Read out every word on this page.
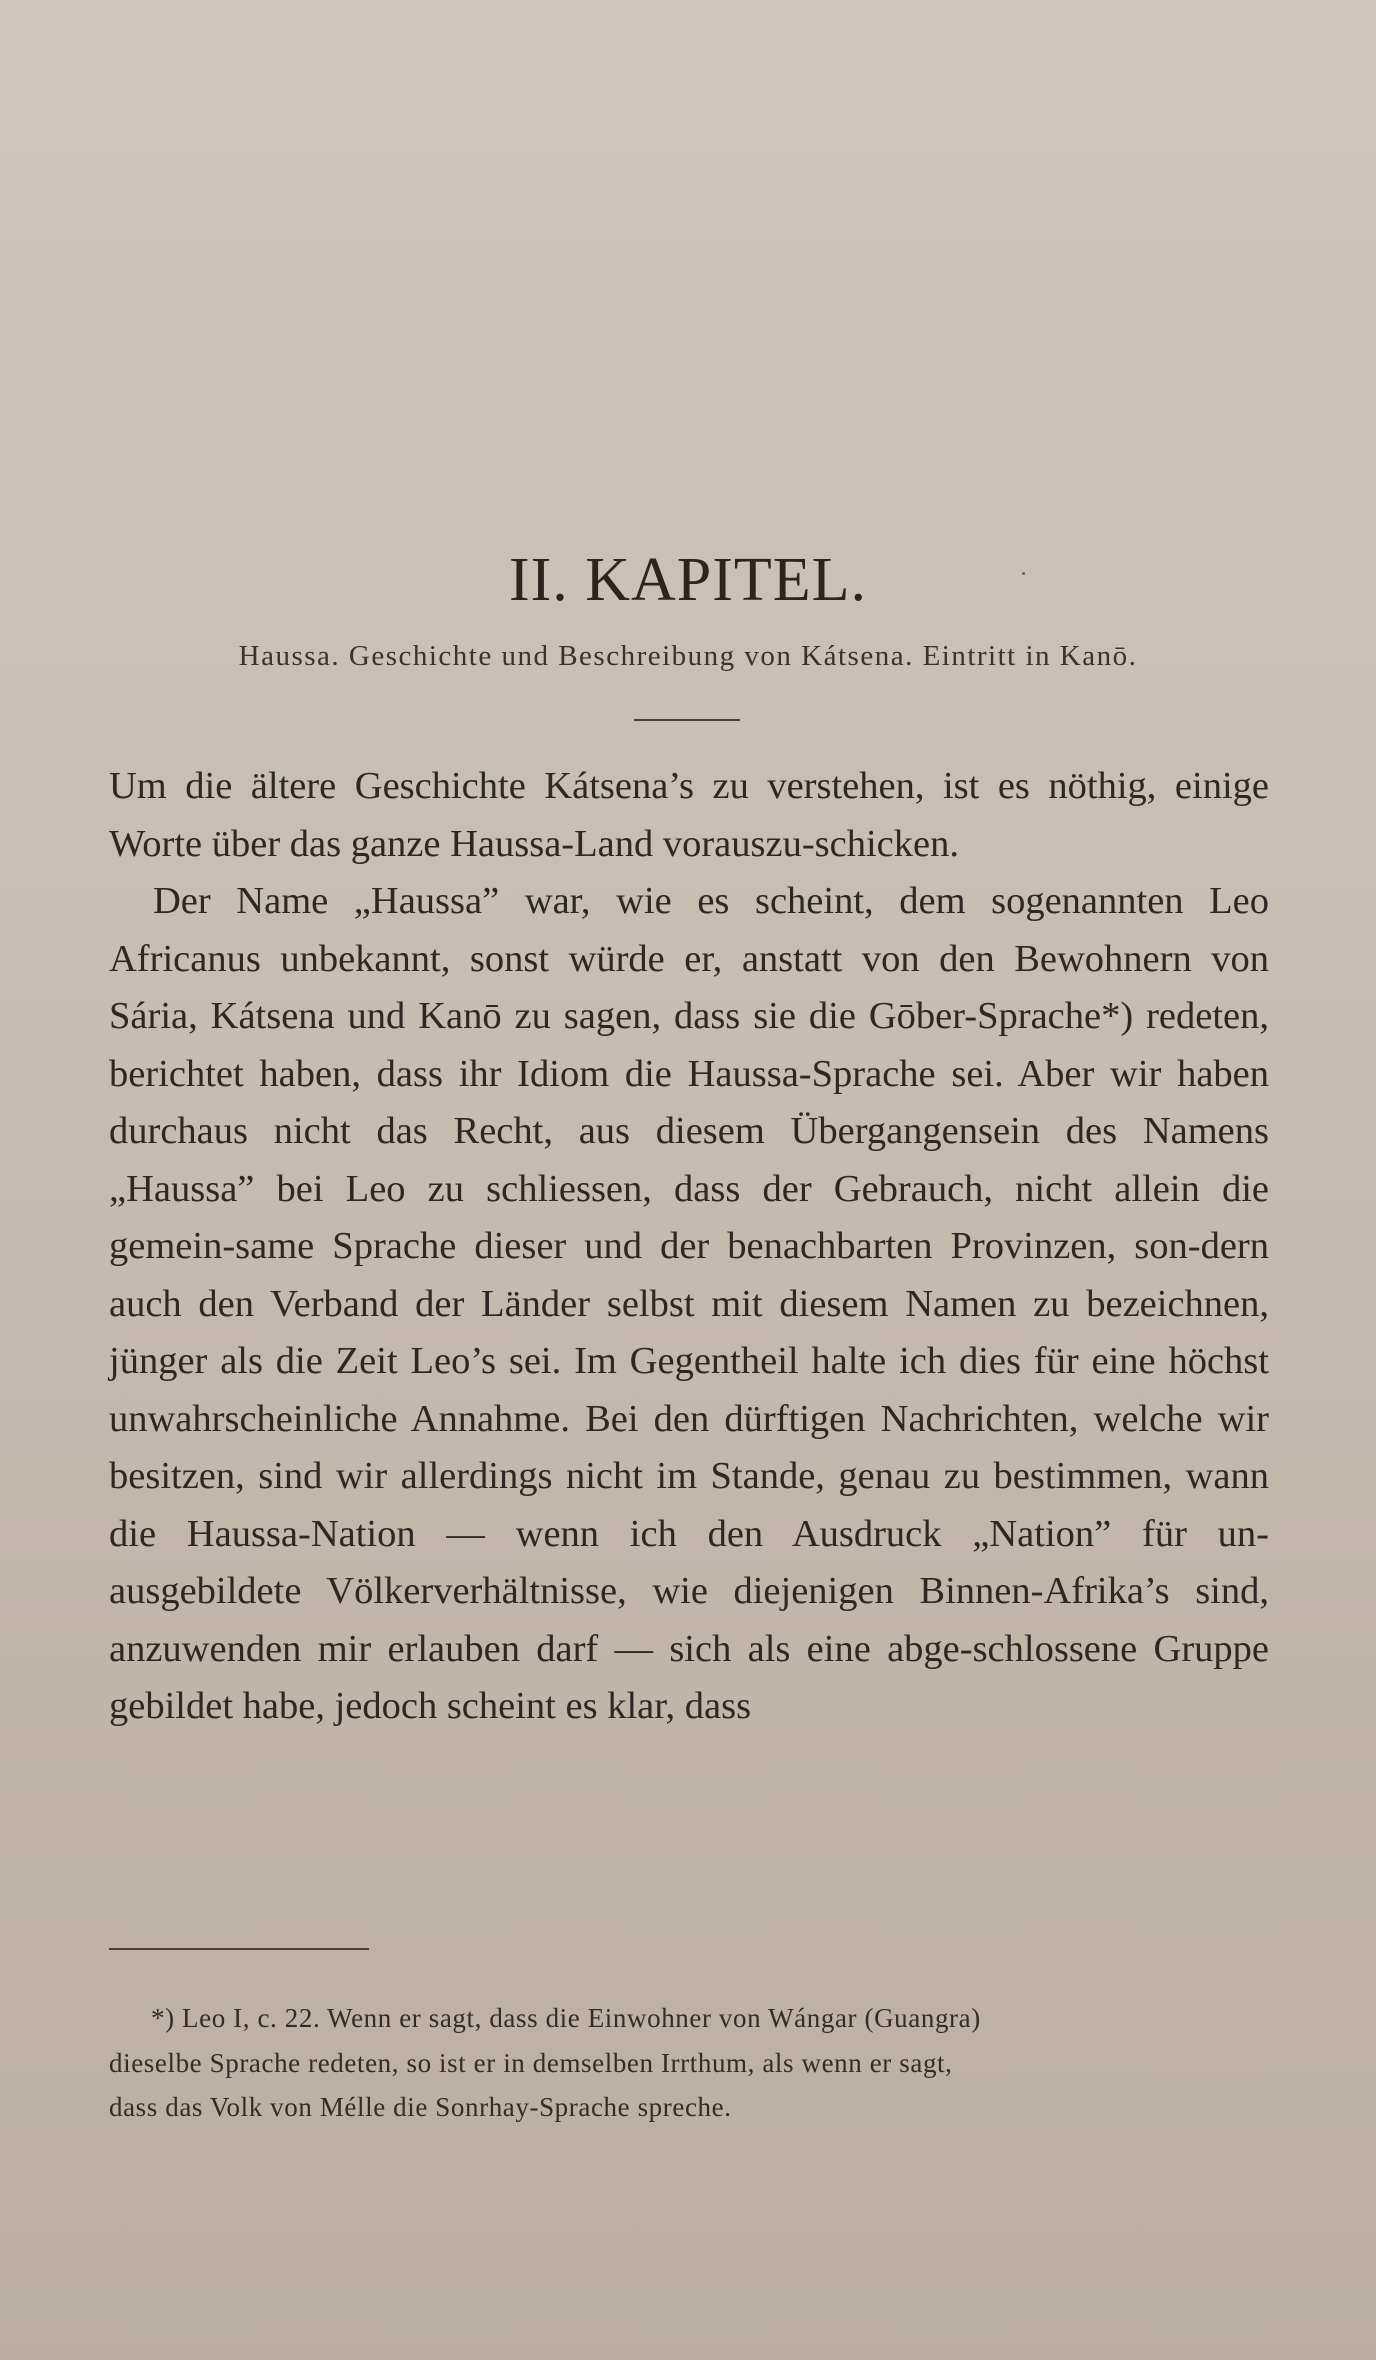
II. KAPITEL.
Haussa. Geschichte und Beschreibung von Kátsena. Eintritt in Kanō.

Um die ältere Geschichte Kátsena’s zu verstehen, ist es nöthig, einige Worte über das ganze Haussa-Land vorauszu-schicken.

Der Name „Haussa” war, wie es scheint, dem sogenannten Leo Africanus unbekannt, sonst würde er, anstatt von den Bewohnern von Sária, Kátsena und Kanō zu sagen, dass sie die Gōber-Sprache*) redeten, berichtet haben, dass ihr Idiom die Haussa-Sprache sei. Aber wir haben durchaus nicht das Recht, aus diesem Übergangensein des Namens „Haussa” bei Leo zu schliessen, dass der Gebrauch, nicht allein die gemein-same Sprache dieser und der benachbarten Provinzen, son-dern auch den Verband der Länder selbst mit diesem Namen zu bezeichnen, jünger als die Zeit Leo’s sei. Im Gegentheil halte ich dies für eine höchst unwahrscheinliche Annahme. Bei den dürftigen Nachrichten, welche wir besitzen, sind wir allerdings nicht im Stande, genau zu bestimmen, wann die Haussa-Nation — wenn ich den Ausdruck „Nation” für un-ausgebildete Völkerverhältnisse, wie diejenigen Binnen-Afrika’s sind, anzuwenden mir erlauben darf — sich als eine abge-schlossene Gruppe gebildet habe, jedoch scheint es klar, dass

*) Leo I, c. 22. Wenn er sagt, dass die Einwohner von Wángar (Guangra)
dieselbe Sprache redeten, so ist er in demselben Irrthum, als wenn er sagt,
dass das Volk von Mélle die Sonrhay-Sprache spreche.
